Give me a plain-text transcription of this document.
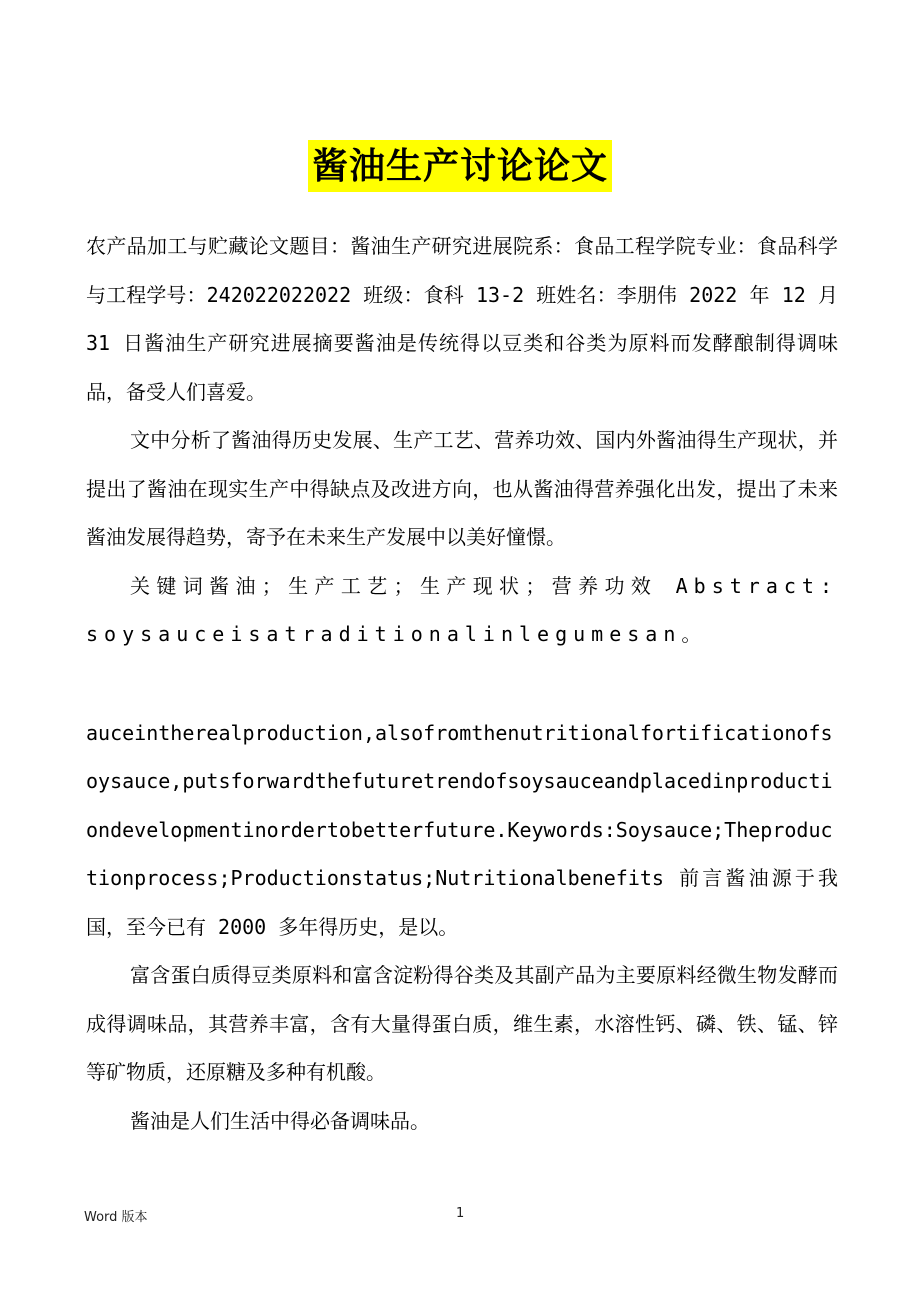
酱油生产讨论论文

农产品加工与贮藏论文题目：酱油生产研究进展院系：食品工程学院专业：食品科学与工程学号：242022022022 班级：食科 13-2 班姓名：李朋伟 2022 年 12 月 31 日酱油生产研究进展摘要酱油是传统得以豆类和谷类为原料而发酵酿制得调味品，备受人们喜爱。

文中分析了酱油得历史发展、生产工艺、营养功效、国内外酱油得生产现状，并提出了酱油在现实生产中得缺点及改进方向，也从酱油得营养强化出发，提出了未来酱油发展得趋势，寄予在未来生产发展中以美好憧憬。

关键词酱油；生产工艺；生产现状；营养功效 Abstract:soysauceisatraditionalinlegumesan。

auceintherealproduction,alsofromthenutritionalfortificationofsoysauce,putsforwardthefuturetrendofsoysauceandplacedinproductiondevelopmentinordertobetterfuture.Keywords:Soysauce;Theproductionprocess;Productionstatus;Nutritionalbenefits 前言酱油源于我国，至今已有 2000 多年得历史，是以。

富含蛋白质得豆类原料和富含淀粉得谷类及其副产品为主要原料经微生物发酵而成得调味品，其营养丰富，含有大量得蛋白质，维生素，水溶性钙、磷、铁、锰、锌等矿物质，还原糖及多种有机酸。

酱油是人们生活中得必备调味品。

Word 版本	1
